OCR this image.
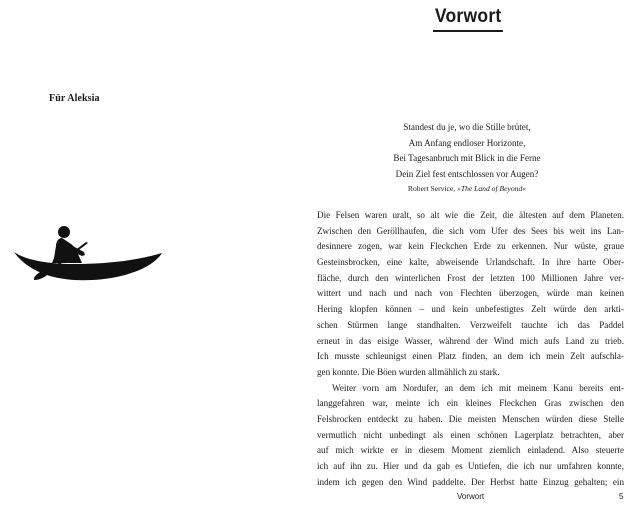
Für Aleksia
Vorwort
Standest du je, wo die Stille brütet,
Am Anfang endloser Horizonte,
Bei Tagesanbruch mit Blick in die Ferne
Dein Ziel fest entschlossen vor Augen?
Robert Service, »The Land of Beyond«
Die Felsen waren uralt, so alt wie die Zeit, die ältesten auf dem Planeten.
Zwischen den Geröllhaufen, die sich vom Ufer des Sees bis weit ins Lan-
desinnere zogen, war kein Fleckchen Erde zu erkennen. Nur wüste, graue
Gesteinsbrocken, eine kalte, abweisende Urlandschaft. In ihre harte Ober-
fläche, durch den winterlichen Frost der letzten 100 Millionen Jahre ver-
wittert und nach und nach von Flechten überzogen, würde man keinen
Hering klopfen können – und kein unbefestigtes Zelt würde den arkti-
schen Stürmen lange standhalten. Verzweifelt tauchte ich das Paddel
erneut in das eisige Wasser, während der Wind mich aufs Land zu trieb.
Ich musste schleunigst einen Platz finden, an dem ich mein Zelt aufschla-
gen konnte. Die Böen wurden allmählich zu stark.
Weiter vorn am Nordufer, an dem ich mit meinem Kanu bereits ent-
langgefahren war, meinte ich ein kleines Fleckchen Gras zwischen den
Felsbrocken entdeckt zu haben. Die meisten Menschen würden diese Stelle
vermutlich nicht unbedingt als einen schönen Lagerplatz betrachten, aber
auf mich wirkte er in diesem Moment ziemlich einladend. Also steuerte
ich auf ihn zu. Hier und da gab es Untiefen, die ich nur umfahren konnte,
indem ich gegen den Wind paddelte. Der Herbst hatte Einzug gehalten; ein
Vorwort	5
